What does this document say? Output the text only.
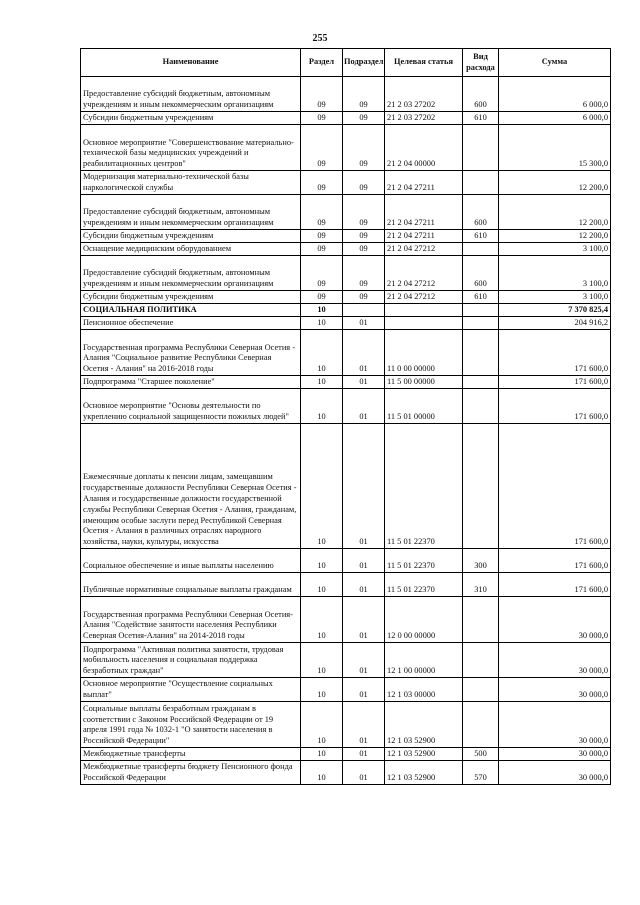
255
Наименование	Раздел	Подраздел	Целевая статья	Вид расхода	Сумма
Предоставление субсидий бюджетным, автономным учреждениям и иным некоммерческим организациям	09	09	21 2 03 27202	600	6 000,0
Субсидии бюджетным учреждениям	09	09	21 2 03 27202	610	6 000,0
Основное мероприятие "Совершенствование материально-технической базы медицинских учреждений и реабилитационных центров"	09	09	21 2 04 00000		15 300,0
Модернизация материально-технической базы наркологической службы	09	09	21 2 04 27211		12 200,0
Предоставление субсидий бюджетным, автономным учреждениям и иным некоммерческим организациям	09	09	21 2 04 27211	600	12 200,0
Субсидии бюджетным учреждениям	09	09	21 2 04 27211	610	12 200,0
Оснащение медицинским оборудованием	09	09	21 2 04 27212		3 100,0
Предоставление субсидий бюджетным, автономным учреждениям и иным некоммерческим организациям	09	09	21 2 04 27212	600	3 100,0
Субсидии бюджетным учреждениям	09	09	21 2 04 27212	610	3 100,0
СОЦИАЛЬНАЯ ПОЛИТИКА	10				7 370 825,4
Пенсионное обеспечение	10	01			204 916,2
Государственная программа Республики Северная Осетия - Алания "Социальное развитие Республики Северная Осетия - Алания" на 2016-2018 годы	10	01	11 0 00 00000		171 600,0
Подпрограмма "Старшее поколение"	10	01	11 5 00 00000		171 600,0
Основное мероприятие "Основы деятельности по укреплению социальной защищенности пожилых людей"	10	01	11 5 01 00000		171 600,0
Ежемесячные доплаты к пенсии лицам, замещавшим государственные должности Республики Северная Осетия - Алания и государственные должности государственной службы Республики Северная Осетия - Алания, гражданам, имеющим особые заслуги перед Республикой Северная Осетия - Алания в различных отраслях народного хозяйства, науки, культуры, искусства	10	01	11 5 01 22370		171 600,0
Социальное обеспечение и иные выплаты населению	10	01	11 5 01 22370	300	171 600,0
Публичные нормативные социальные выплаты гражданам	10	01	11 5 01 22370	310	171 600,0
Государственная программа Республики Северная Осетия-Алания "Содействие занятости населения Республики Северная Осетия-Алания" на 2014-2018 годы	10	01	12 0 00 00000		30 000,0
Подпрограмма "Активная политика занятости, трудовая мобильность населения и социальная поддержка безработных граждан"	10	01	12 1 00 00000		30 000,0
Основное мероприятие "Осуществление социальных выплат"	10	01	12 1 03 00000		30 000,0
Социальные выплаты безработным гражданам в соответствии с Законом Российской Федерации от 19 апреля 1991 года № 1032-1 "О занятости населения в Российской Федерации"	10	01	12 1 03 52900		30 000,0
Межбюджетные трансферты	10	01	12 1 03 52900	500	30 000,0
Межбюджетные трансферты бюджету Пенсионного фонда Российской Федерации	10	01	12 1 03 52900	570	30 000,0
